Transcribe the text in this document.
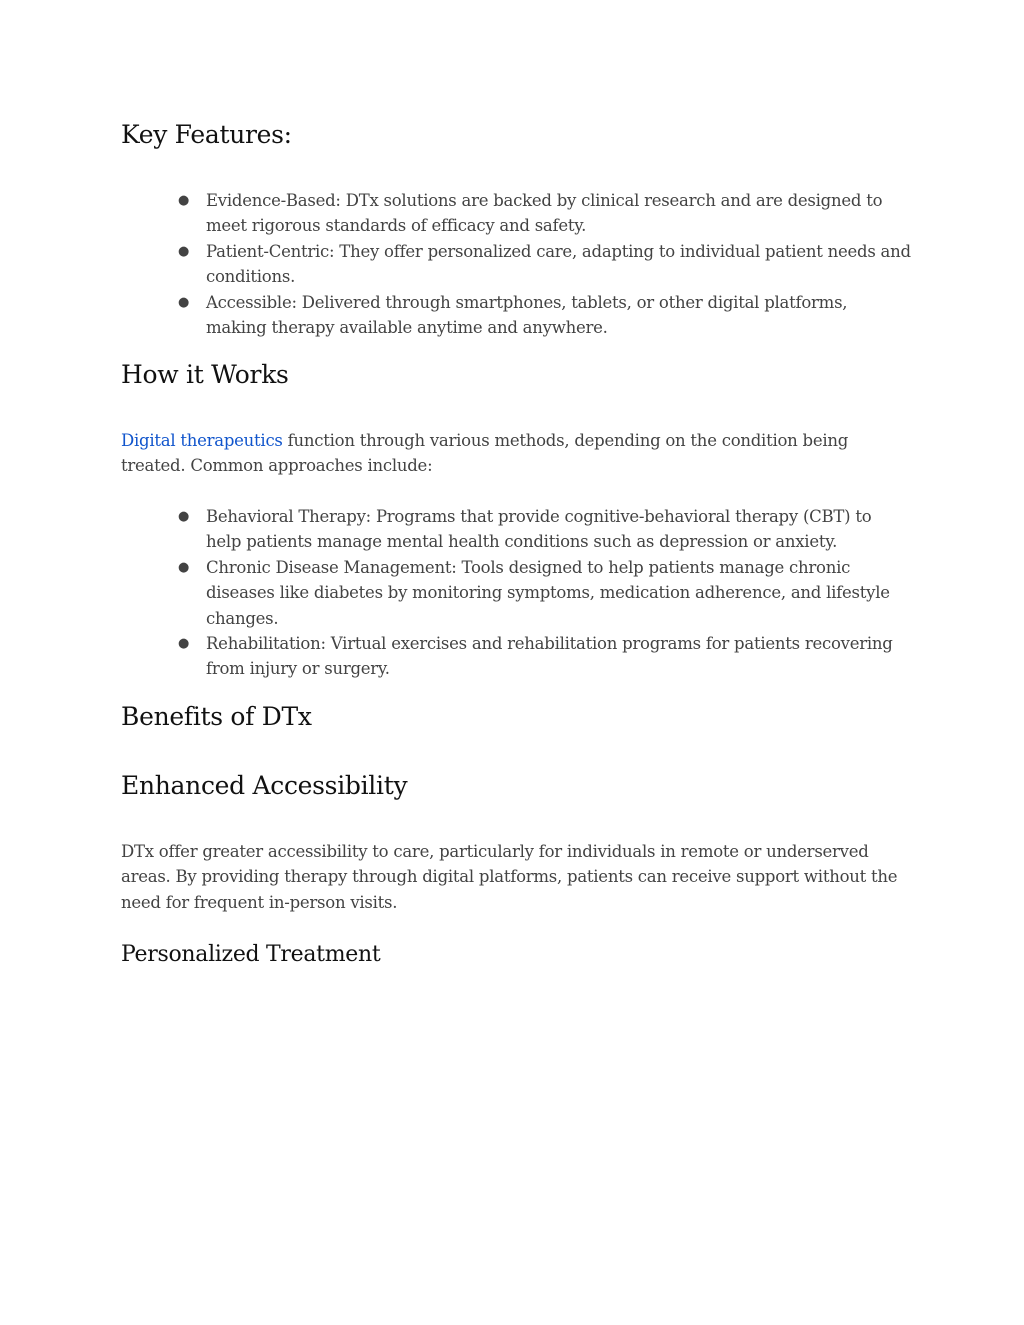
Key Features:
● Evidence-Based: DTx solutions are backed by clinical research and are designed to meet rigorous standards of efficacy and safety.
● Patient-Centric: They offer personalized care, adapting to individual patient needs and conditions.
● Accessible: Delivered through smartphones, tablets, or other digital platforms, making therapy available anytime and anywhere.
How it Works

Digital therapeutics function through various methods, depending on the condition being treated. Common approaches include:

● Behavioral Therapy: Programs that provide cognitive-behavioral therapy (CBT) to help patients manage mental health conditions such as depression or anxiety.
● Chronic Disease Management: Tools designed to help patients manage chronic diseases like diabetes by monitoring symptoms, medication adherence, and lifestyle changes.
● Rehabilitation: Virtual exercises and rehabilitation programs for patients recovering from injury or surgery.
Benefits of DTx
Enhanced Accessibility

DTx offer greater accessibility to care, particularly for individuals in remote or underserved areas. By providing therapy through digital platforms, patients can receive support without the need for frequent in-person visits.

Personalized Treatment
